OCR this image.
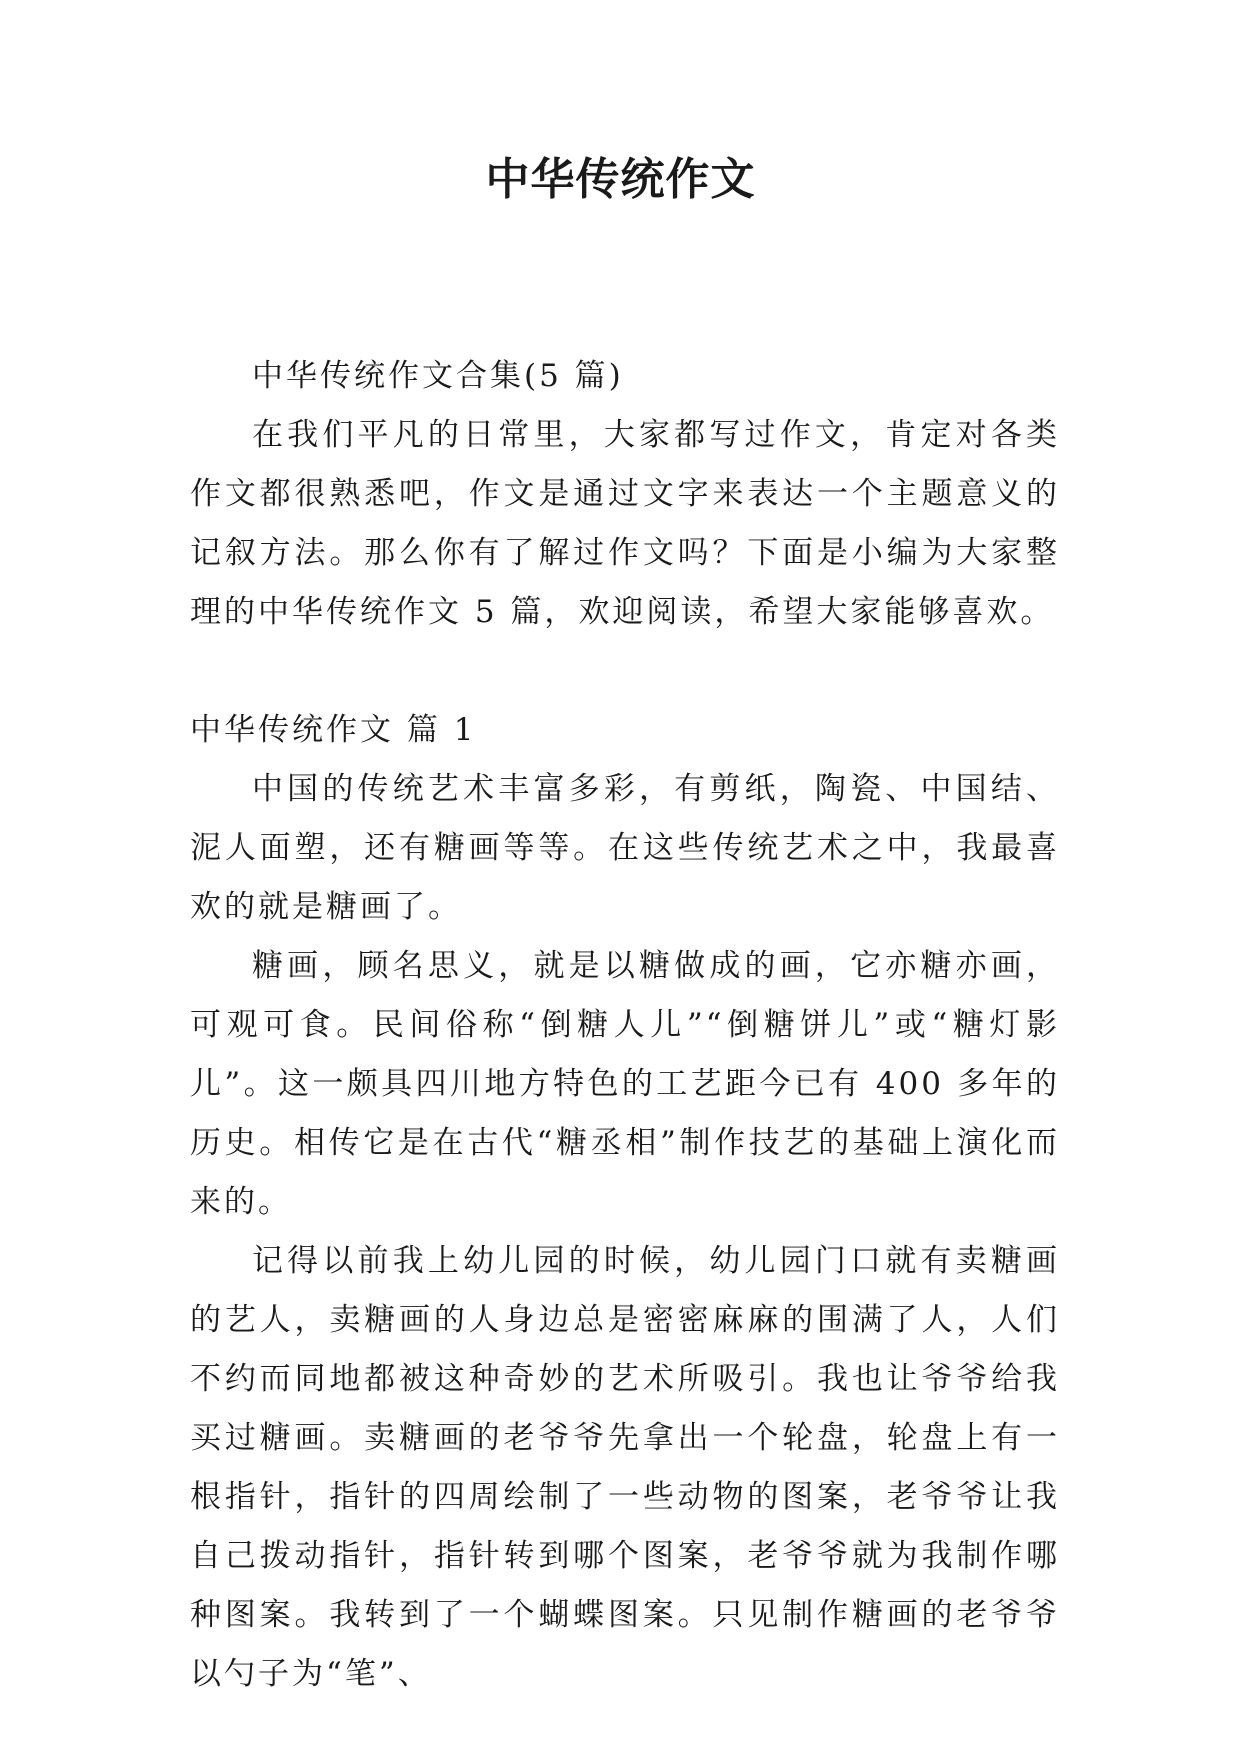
中华传统作文

中华传统作文合集(5 篇)

在我们平凡的日常里，大家都写过作文，肯定对各类作文都很熟悉吧，作文是通过文字来表达一个主题意义的记叙方法。那么你有了解过作文吗？下面是小编为大家整理的中华传统作文 5 篇，欢迎阅读，希望大家能够喜欢。

中华传统作文 篇 1

中国的传统艺术丰富多彩，有剪纸，陶瓷、中国结、泥人面塑，还有糖画等等。在这些传统艺术之中，我最喜欢的就是糖画了。

糖画，顾名思义，就是以糖做成的画，它亦糖亦画，可观可食。民间俗称“倒糖人儿”“倒糖饼儿”或“糖灯影儿”。这一颇具四川地方特色的工艺距今已有 400 多年的历史。相传它是在古代“糖丞相”制作技艺的基础上演化而来的。

记得以前我上幼儿园的时候，幼儿园门口就有卖糖画的艺人，卖糖画的人身边总是密密麻麻的围满了人，人们不约而同地都被这种奇妙的艺术所吸引。我也让爷爷给我买过糖画。卖糖画的老爷爷先拿出一个轮盘，轮盘上有一根指针，指针的四周绘制了一些动物的图案，老爷爷让我自己拨动指针，指针转到哪个图案，老爷爷就为我制作哪种图案。我转到了一个蝴蝶图案。只见制作糖画的老爷爷以勺子为“笔”、
